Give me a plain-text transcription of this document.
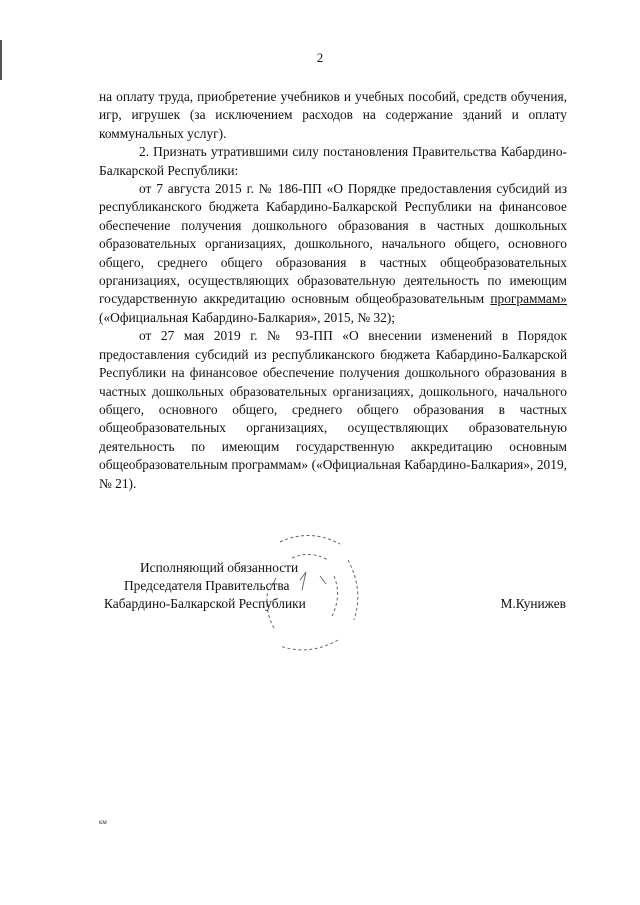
2

на оплату труда, приобретение учебников и учебных пособий, средств обучения, игр, игрушек (за исключением расходов на содержание зданий и оплату коммунальных услуг).

2. Признать утратившими силу постановления Правительства Кабардино-Балкарской Республики:

от 7 августа 2015 г. № 186-ПП «О Порядке предоставления субсидий из республиканского бюджета Кабардино-Балкарской Республики на финансовое обеспечение получения дошкольного образования в частных дошкольных образовательных организациях, дошкольного, начального общего, основного общего, среднего общего образования в частных общеобразовательных организациях, осуществляющих образовательную деятельность по имеющим государственную аккредитацию основным общеобразовательным программам» («Официальная Кабардино-Балкария», 2015, № 32);

от 27 мая 2019 г. № 93-ПП «О внесении изменений в Порядок предоставления субсидий из республиканского бюджета Кабардино-Балкарской Республики на финансовое обеспечение получения дошкольного образования в частных дошкольных образовательных организациях, дошкольного, начального общего, основного общего, среднего общего образования в частных общеобразовательных организациях, осуществляющих образовательную деятельность по имеющим государственную аккредитацию основным общеобразовательным программам» («Официальная Кабардино-Балкария», 2019, № 21).

Исполняющий обязанности
Председателя Правительства
Кабардино-Балкарской Республики	М.Кунижев
км
